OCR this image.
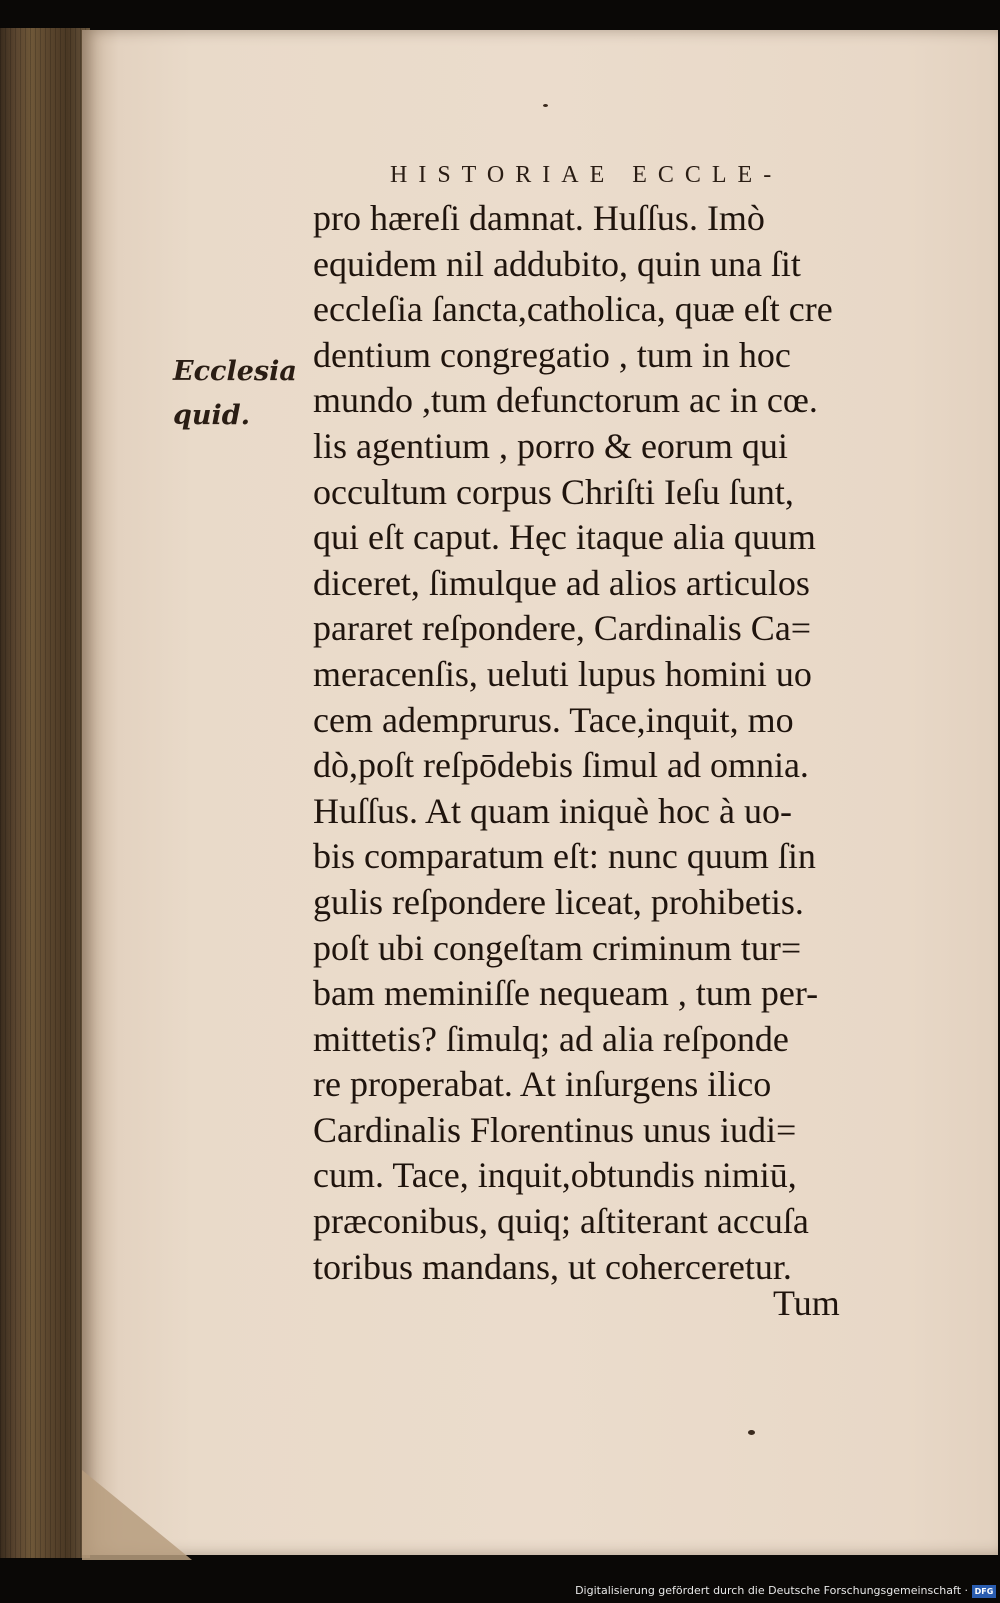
HISTORIAE ECCLE-
Ecclesia
quid.
pro hæreſi damnat. Huſſus. Imò
equidem nil addubito, quin una ſit
eccleſia ſancta,catholica, quæ eſt cre
dentium congregatio , tum in hoc
mundo ,tum defunctorum ac in cœ.
lis agentium , porro & eorum qui
occultum corpus Chriſti Ieſu ſunt,
qui eſt caput. Hęc itaque alia quum
diceret, ſimulque ad alios articulos
pararet reſpondere, Cardinalis Ca=
meracenſis, ueluti lupus homini uo
cem ademprurus. Tace,inquit, mo
dò,poſt reſpōdebis ſimul ad omnia.
Huſſus. At quam iniquè hoc à uo-
bis comparatum eſt: nunc quum ſin
gulis reſpondere liceat, prohibetis.
poſt ubi congeſtam criminum tur=
bam meminiſſe nequeam , tum per-
mittetis? ſimulq; ad alia reſponde
re properabat. At inſurgens ilico
Cardinalis Florentinus unus iudi=
cum. Tace, inquit,obtundis nimiū,
præconibus, quiq; aſtiterant accuſa
toribus mandans, ut coherceretur.
Tum
Digitalisierung gefördert durch die Deutsche Forschungsgemeinschaft · DFG
